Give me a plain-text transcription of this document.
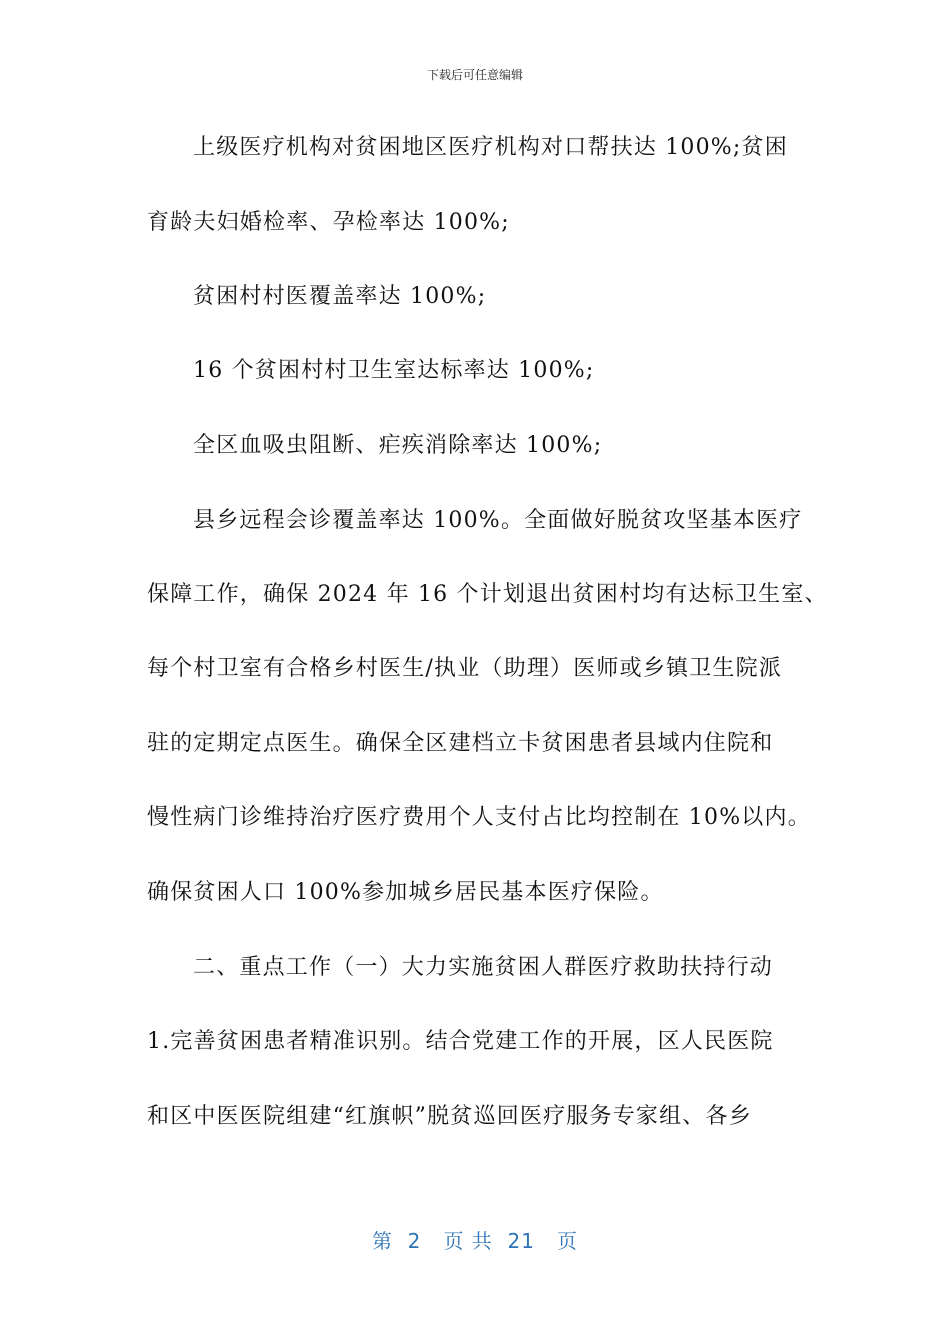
下载后可任意编辑
上级医疗机构对贫困地区医疗机构对口帮扶达 100%;贫困
育龄夫妇婚检率、孕检率达 100%;
贫困村村医覆盖率达 100%;
16 个贫困村村卫生室达标率达 100%;
全区血吸虫阻断、疟疾消除率达 100%;
县乡远程会诊覆盖率达 100%。全面做好脱贫攻坚基本医疗
保障工作，确保 2024 年 16 个计划退出贫困村均有达标卫生室、
每个村卫室有合格乡村医生/执业（助理）医师或乡镇卫生院派
驻的定期定点医生。确保全区建档立卡贫困患者县域内住院和
慢性病门诊维持治疗医疗费用个人支付占比均控制在 10%以内。
确保贫困人口 100%参加城乡居民基本医疗保险。
二、重点工作（一）大力实施贫困人群医疗救助扶持行动
1.完善贫困患者精准识别。结合党建工作的开展，区人民医院
和区中医医院组建“红旗帜”脱贫巡回医疗服务专家组、各乡
第  2   页 共  21   页
